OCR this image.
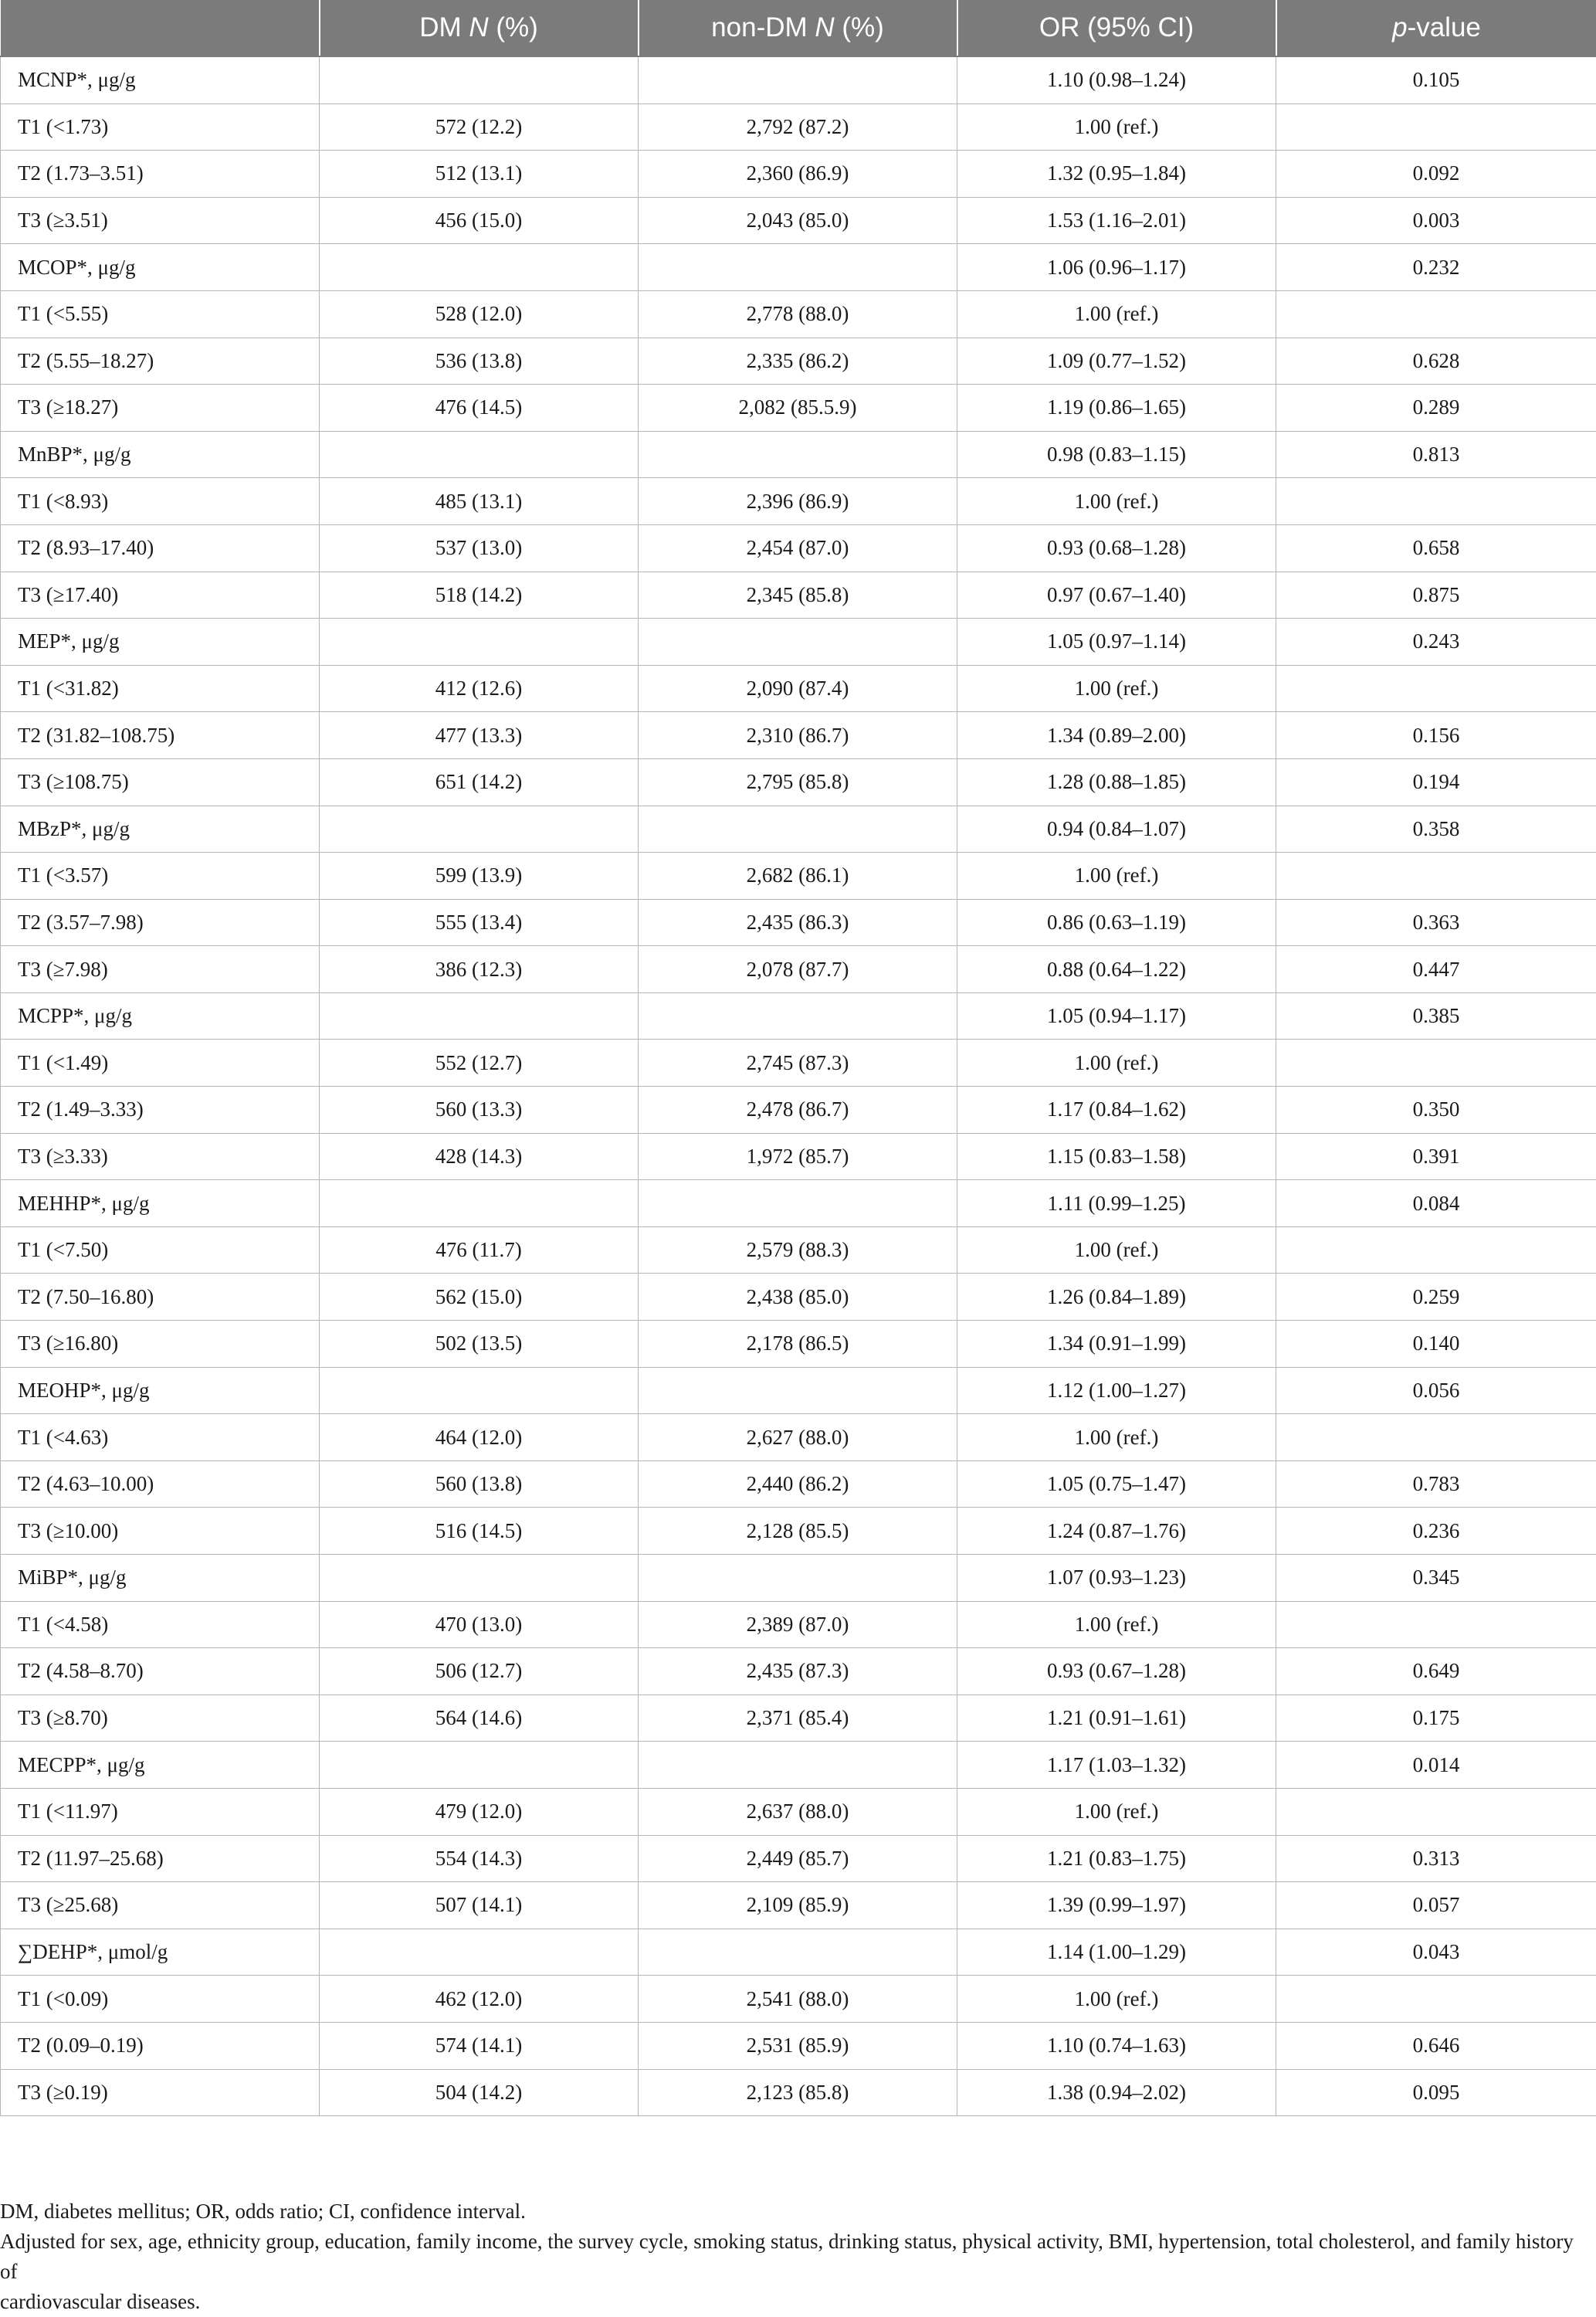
	DM N (%)	non-DM N (%)	OR (95% CI)	p-value
MCNP*, μg/g			1.10 (0.98–1.24)	0.105
T1 (<1.73)	572 (12.2)	2,792 (87.2)	1.00 (ref.)	
T2 (1.73–3.51)	512 (13.1)	2,360 (86.9)	1.32 (0.95–1.84)	0.092
T3 (≥3.51)	456 (15.0)	2,043 (85.0)	1.53 (1.16–2.01)	0.003
MCOP*, μg/g			1.06 (0.96–1.17)	0.232
T1 (<5.55)	528 (12.0)	2,778 (88.0)	1.00 (ref.)	
T2 (5.55–18.27)	536 (13.8)	2,335 (86.2)	1.09 (0.77–1.52)	0.628
T3 (≥18.27)	476 (14.5)	2,082 (85.5.9)	1.19 (0.86–1.65)	0.289
MnBP*, μg/g			0.98 (0.83–1.15)	0.813
T1 (<8.93)	485 (13.1)	2,396 (86.9)	1.00 (ref.)	
T2 (8.93–17.40)	537 (13.0)	2,454 (87.0)	0.93 (0.68–1.28)	0.658
T3 (≥17.40)	518 (14.2)	2,345 (85.8)	0.97 (0.67–1.40)	0.875
MEP*, μg/g			1.05 (0.97–1.14)	0.243
T1 (<31.82)	412 (12.6)	2,090 (87.4)	1.00 (ref.)	
T2 (31.82–108.75)	477 (13.3)	2,310 (86.7)	1.34 (0.89–2.00)	0.156
T3 (≥108.75)	651 (14.2)	2,795 (85.8)	1.28 (0.88–1.85)	0.194
MBzP*, μg/g			0.94 (0.84–1.07)	0.358
T1 (<3.57)	599 (13.9)	2,682 (86.1)	1.00 (ref.)	
T2 (3.57–7.98)	555 (13.4)	2,435 (86.3)	0.86 (0.63–1.19)	0.363
T3 (≥7.98)	386 (12.3)	2,078 (87.7)	0.88 (0.64–1.22)	0.447
MCPP*, μg/g			1.05 (0.94–1.17)	0.385
T1 (<1.49)	552 (12.7)	2,745 (87.3)	1.00 (ref.)	
T2 (1.49–3.33)	560 (13.3)	2,478 (86.7)	1.17 (0.84–1.62)	0.350
T3 (≥3.33)	428 (14.3)	1,972 (85.7)	1.15 (0.83–1.58)	0.391
MEHHP*, μg/g			1.11 (0.99–1.25)	0.084
T1 (<7.50)	476 (11.7)	2,579 (88.3)	1.00 (ref.)	
T2 (7.50–16.80)	562 (15.0)	2,438 (85.0)	1.26 (0.84–1.89)	0.259
T3 (≥16.80)	502 (13.5)	2,178 (86.5)	1.34 (0.91–1.99)	0.140
MEOHP*, μg/g			1.12 (1.00–1.27)	0.056
T1 (<4.63)	464 (12.0)	2,627 (88.0)	1.00 (ref.)	
T2 (4.63–10.00)	560 (13.8)	2,440 (86.2)	1.05 (0.75–1.47)	0.783
T3 (≥10.00)	516 (14.5)	2,128 (85.5)	1.24 (0.87–1.76)	0.236
MiBP*, μg/g			1.07 (0.93–1.23)	0.345
T1 (<4.58)	470 (13.0)	2,389 (87.0)	1.00 (ref.)	
T2 (4.58–8.70)	506 (12.7)	2,435 (87.3)	0.93 (0.67–1.28)	0.649
T3 (≥8.70)	564 (14.6)	2,371 (85.4)	1.21 (0.91–1.61)	0.175
MECPP*, μg/g			1.17 (1.03–1.32)	0.014
T1 (<11.97)	479 (12.0)	2,637 (88.0)	1.00 (ref.)	
T2 (11.97–25.68)	554 (14.3)	2,449 (85.7)	1.21 (0.83–1.75)	0.313
T3 (≥25.68)	507 (14.1)	2,109 (85.9)	1.39 (0.99–1.97)	0.057
∑DEHP*, μmol/g			1.14 (1.00–1.29)	0.043
T1 (<0.09)	462 (12.0)	2,541 (88.0)	1.00 (ref.)	
T2 (0.09–0.19)	574 (14.1)	2,531 (85.9)	1.10 (0.74–1.63)	0.646
T3 (≥0.19)	504 (14.2)	2,123 (85.8)	1.38 (0.94–2.02)	0.095

DM, diabetes mellitus; OR, odds ratio; CI, confidence interval.

Adjusted for sex, age, ethnicity group, education, family income, the survey cycle, smoking status, drinking status, physical activity, BMI, hypertension, total cholesterol, and family history of

cardiovascular diseases.
